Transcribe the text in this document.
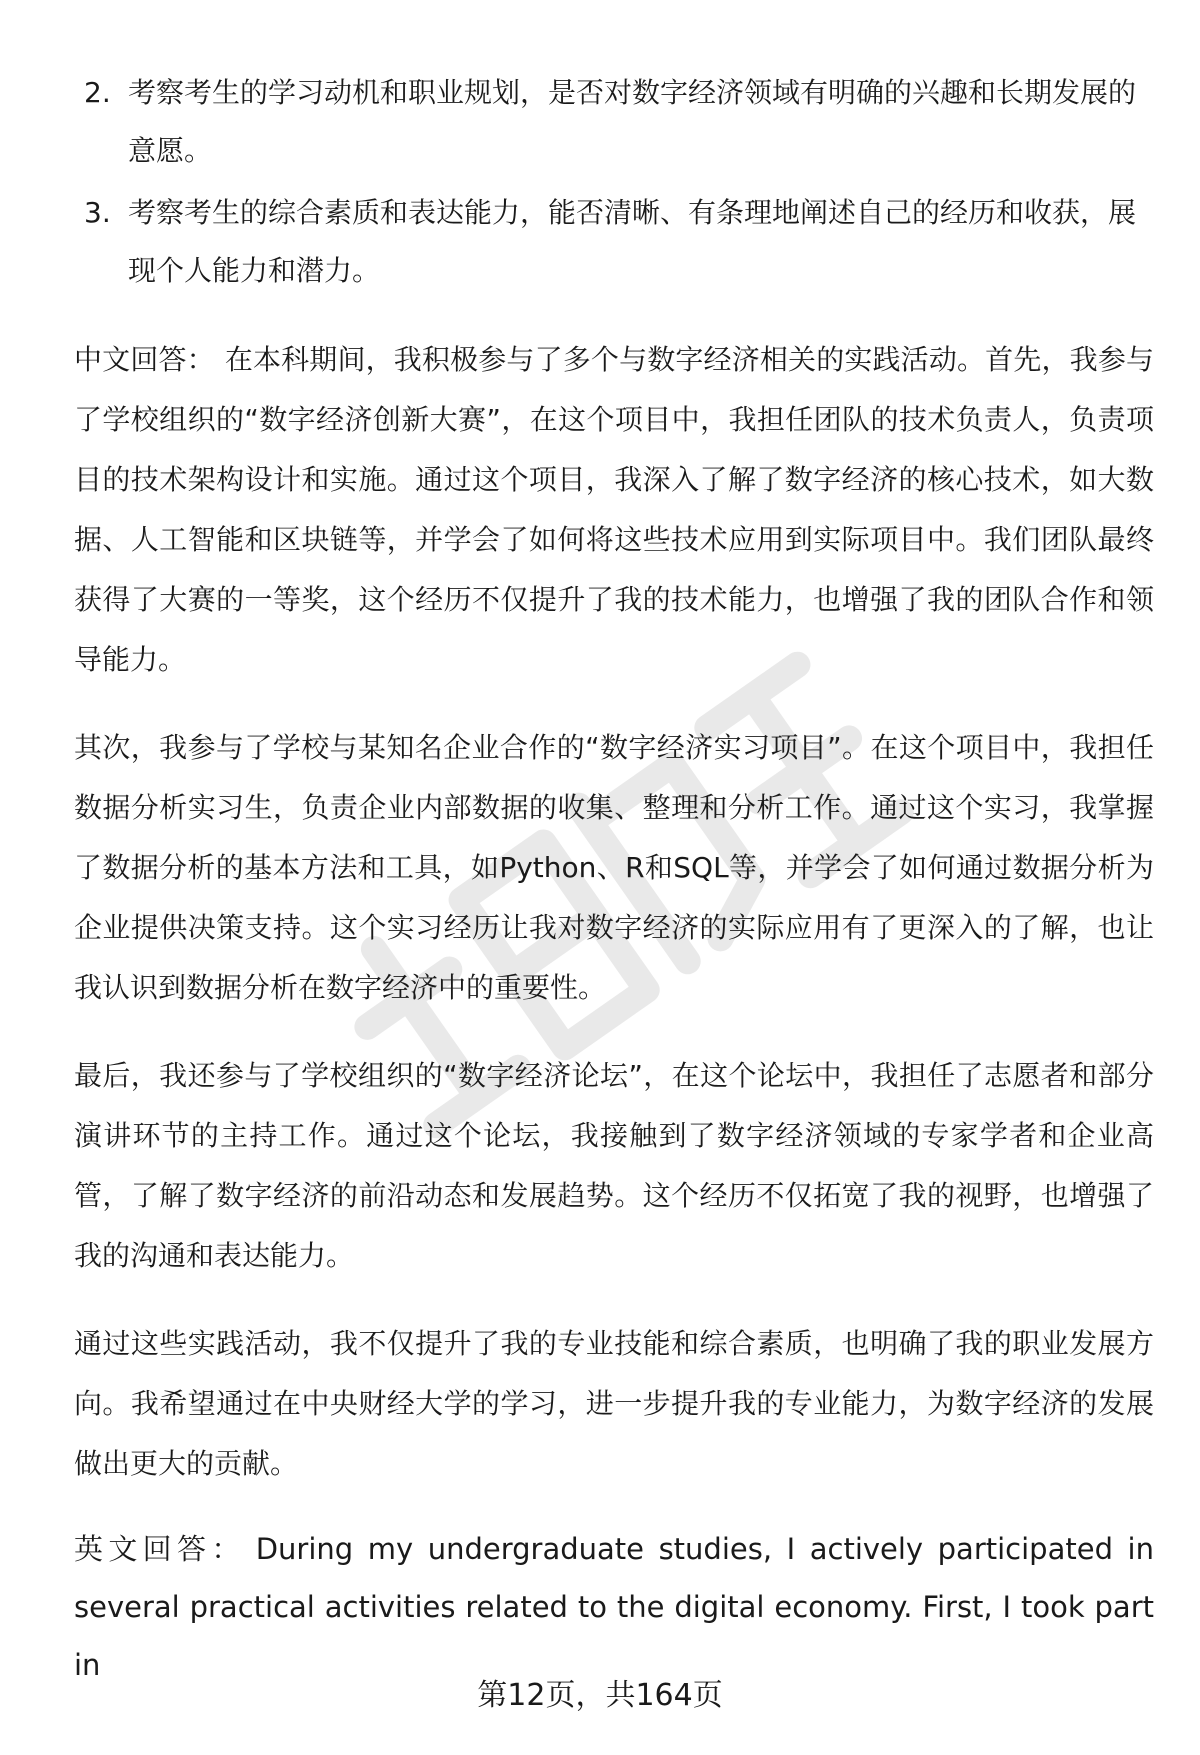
2. 考察考生的学习动机和职业规划，是否对数字经济领域有明确的兴趣和长期发展的意愿。
3. 考察考生的综合素质和表达能力，能否清晰、有条理地阐述自己的经历和收获，展现个人能力和潜力。

中文回答： 在本科期间，我积极参与了多个与数字经济相关的实践活动。首先，我参与了学校组织的“数字经济创新大赛”，在这个项目中，我担任团队的技术负责人，负责项目的技术架构设计和实施。通过这个项目，我深入了解了数字经济的核心技术，如大数据、人工智能和区块链等，并学会了如何将这些技术应用到实际项目中。我们团队最终获得了大赛的一等奖，这个经历不仅提升了我的技术能力，也增强了我的团队合作和领导能力。

其次，我参与了学校与某知名企业合作的“数字经济实习项目”。在这个项目中，我担任数据分析实习生，负责企业内部数据的收集、整理和分析工作。通过这个实习，我掌握了数据分析的基本方法和工具，如Python、R和SQL等，并学会了如何通过数据分析为企业提供决策支持。这个实习经历让我对数字经济的实际应用有了更深入的了解，也让我认识到数据分析在数字经济中的重要性。

最后，我还参与了学校组织的“数字经济论坛”，在这个论坛中，我担任了志愿者和部分演讲环节的主持工作。通过这个论坛，我接触到了数字经济领域的专家学者和企业高管，了解了数字经济的前沿动态和发展趋势。这个经历不仅拓宽了我的视野，也增强了我的沟通和表达能力。

通过这些实践活动，我不仅提升了我的专业技能和综合素质，也明确了我的职业发展方向。我希望通过在中央财经大学的学习，进一步提升我的专业能力，为数字经济的发展做出更大的贡献。

英文回答： During my undergraduate studies, I actively participated in several practical activities related to the digital economy. First, I took part in

第12页，共164页
